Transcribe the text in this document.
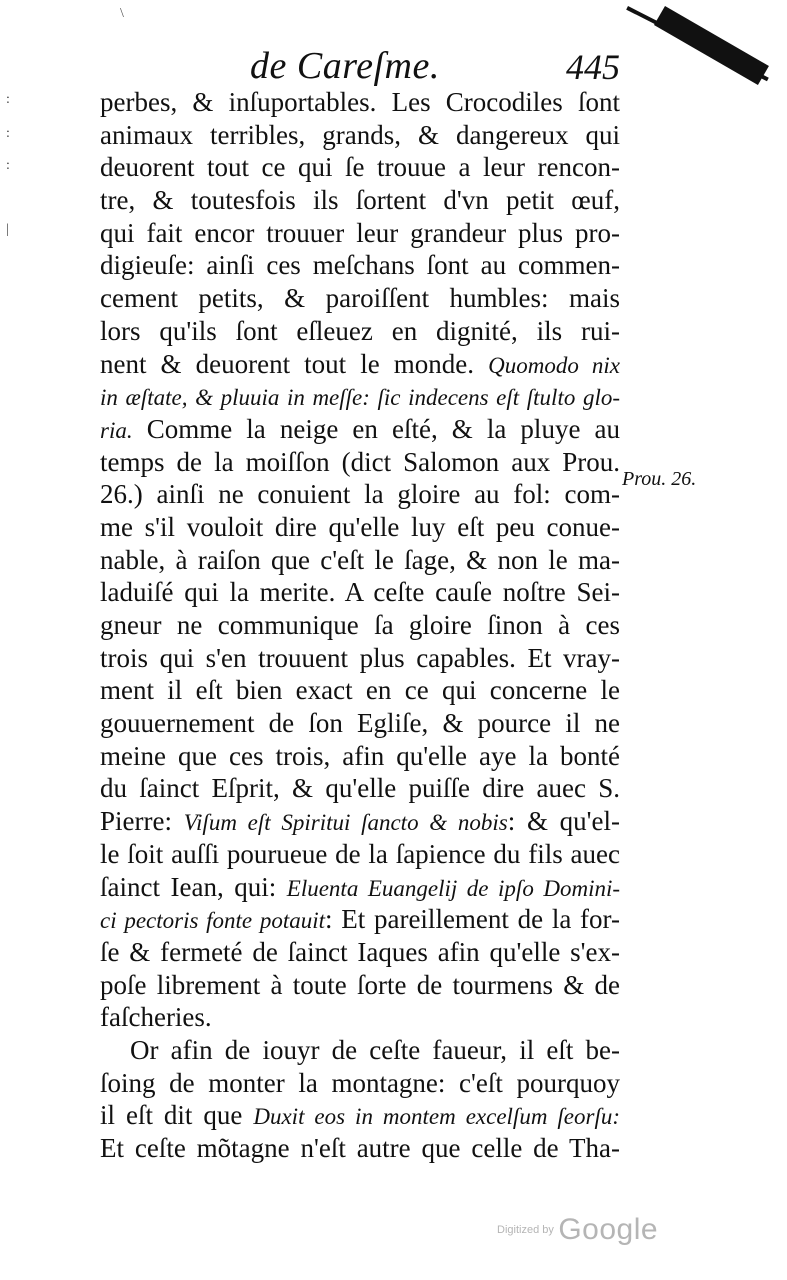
\
:
:
:
|
de Careſme.	445
perbes, & inſuportables. Les Crocodiles ſont
animaux terribles, grands, & dangereux qui
deuorent tout ce qui ſe trouue a leur rencon-
tre, & toutesfois ils ſortent d'vn petit œuf,
qui fait encor trouuer leur grandeur plus pro-
digieuſe: ainſi ces meſchans ſont au commen-
cement petits, & paroiſſent humbles: mais
lors qu'ils ſont eſleuez en dignité, ils rui-
nent & deuorent tout le monde. Quomodo nix
in æſtate, & pluuia in meſſe: ſic indecens eſt ſtulto glo-
ria. Comme la neige en eſté, & la pluye au
temps de la moiſſon (dict Salomon aux Prou.
26.) ainſi ne conuient la gloire au fol: com-
me s'il vouloit dire qu'elle luy eſt peu conue-
nable, à raiſon que c'eſt le ſage, & non le ma-
laduiſé qui la merite. A ceſte cauſe noſtre Sei-
gneur ne communique ſa gloire ſinon à ces
trois qui s'en trouuent plus capables. Et vray-
ment il eſt bien exact en ce qui concerne le
gouuernement de ſon Egliſe, & pource il ne
meine que ces trois, afin qu'elle aye la bonté
du ſainct Eſprit, & qu'elle puiſſe dire auec S.
Pierre: Viſum eſt Spiritui ſancto & nobis: & qu'el-
le ſoit auſſi pourueue de la ſapience du fils auec
ſainct Iean, qui: Eluenta Euangelij de ipſo Domini-
ci pectoris fonte potauit: Et pareillement de la for-
ſe & fermeté de ſainct Iaques afin qu'elle s'ex-
poſe librement à toute ſorte de tourmens & de
faſcheries.
Or afin de iouyr de ceſte faueur, il eſt be-
ſoing de monter la montagne: c'eſt pourquoy
il eſt dit que Duxit eos in montem excelſum ſeorſu:
Et ceſte mõtagne n'eſt autre que celle de Tha-
Prou. 26.
Digitized by Google
